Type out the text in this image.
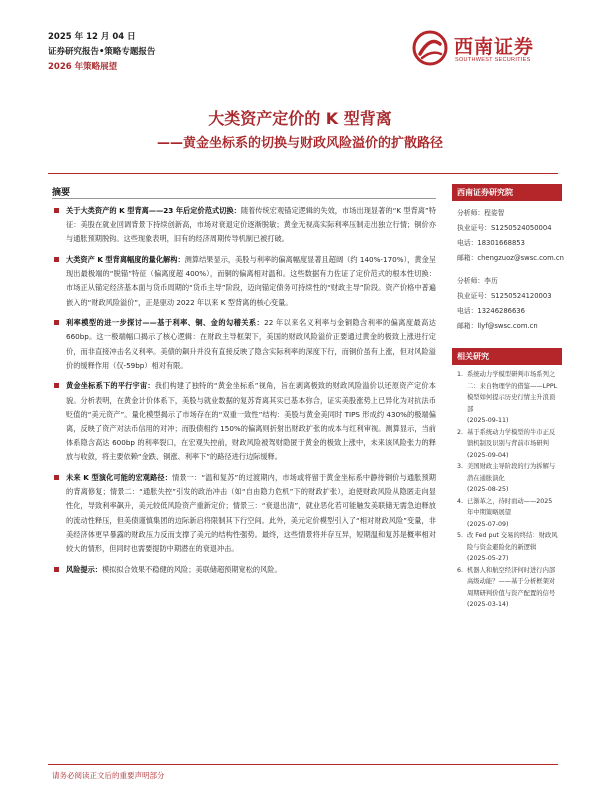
2025 年 12 月 04 日
证券研究报告•策略专题报告
2026 年策略展望
西南证券
SOUTHWEST SECURITIES
大类资产定价的 K 型背离
——黄金坐标系的切换与财政风险溢价的扩散路径
摘要
关于大类资产的 K 型背离——23 年后定价范式切换：随着传统宏观锚定逻辑的失效，市场出现显著的“K 型背离”特征：美股在就业回调背景下持续创新高，市场对衰退定价逐渐脱敏；黄金无视高实际利率压制走出独立行情；铜价亦与通胀预期脱钩。这些现象表明，旧有的经济周期传导机制已被打破。
大类资产 K 型背离幅度的量化解构：测算结果显示，美股与利率的偏离幅度显著且超阔（约 140%-170%），黄金呈现出最极端的“脱锚”特征（偏离度超 400%），而铜的偏离相对温和。这些数据有力佐证了定价范式的根本性切换：市场正从锚定经济基本面与货币周期的“货币主导”阶段，迈向锚定债务可持续性的“财政主导”阶段。资产价格中普遍嵌入的“财政风险溢价”，正是驱动 2022 年以来 K 型背离的核心变量。
利率模型的进一步探讨——基于利率、铜、金的勾稽关系：22 年以来名义利率与金铜隐含利率的偏离度最高达 660bp。这一极端幅口揭示了核心逻辑：在财政主导框架下，美国的财政风险溢价正要通过黄金的极致上涨进行定价，而非直接冲击名义利率。美债的飙升并没有直接反映了隐含实际利率的深度下行，而铜价虽有上涨，但对风险溢价的缓释作用（仅-59bp）相对有限。
黄金坐标系下的平行宇宙：我们构建了独特的“黄金坐标系”视角，旨在剥离极致的财政风险溢价以还原资产定价本貌。分析表明，在黄金计价体系下，美股与就业数据的复苏背离其实已基本弥合，证实美股涨势上已异化为对抗法币贬值的“美元资产”。量化模型揭示了市场存在的“双重一致性”结构：美股与黄金美同时 TIPS 形成约 430%的极端偏离，反映了资产对法币信用的对冲；而股债相约 150%的偏离则折射出财政扩张的成本与红利审视。测算显示，当前体系隐含高达 600bp 的利率裂口，在宏观失控前，财政风险被驾财隐匿于黄金的极致上涨中，未来该风险张力的释放与收敛，将主要依赖“金跌、铜涨、利率下”的路径进行边际缓释。
未来 K 型演化可能的宏观路径：情景一：“温和复苏”的过渡期内，市场或将留于黄金坐标系中静待铜价与通胀预期的背离修复；情景二：“通胀失控”引发的政治冲击（如“自由隐力危机”下的财政扩张），迫使财政风险从隐匿走向显性化，导致利率飙升，美元较低风险资产重新定价；情景三：“衰退出清”，就业恶化若可能触发美联储无需急迫释放的流动性释压，但美债谨慎集团的边际新启将限制其下行空间。此外，美元定价模型引入了“相对财政风险”变量，非美经济体更早暴露的财政压力反而支撑了美元的结构性强势。最终，这些情景将并存互异，短期温和复苏是概率相对较大的情形，但同时也需要提防中期潜在的衰退冲击。
风险提示：模拟拟合效果不稳健的风险；美联储超预期宽松的风险。
西南证券研究院
分析师：程姿智
执业证号：S1250524050004
电话：18301668853
邮箱：chengzuoz@swsc.com.cn
分析师：李历
执业证号：S1250524120003
电话：13246286636
邮箱：llyf@swsc.com.cn
相关研究
1. 系统动力学模型研判市场系列之二：来自物理学的借鉴——LPPL 模型如何提示历史行情主升浪顶部
(2025-09-11)
2. 基于系统动力学模型的牛市正反馈机制及识别与背前市场研判
(2025-09-04)
3. 美国财政主导阶段的行为拆解与潜在通胀演化
(2025-08-25)
4. 已渐革之，待时而动——2025 年中期策略展望
(2025-07-09)
5. 改 Fed put 交易的终结：财政风险与资金避险化的新逻辑
(2025-05-27)
6. 机器人和航空经济何时进行内部高级动能？——基于分析框架对周期研判价值与资产配置的信号
(2025-03-14)
请务必阅读正文后的重要声明部分
